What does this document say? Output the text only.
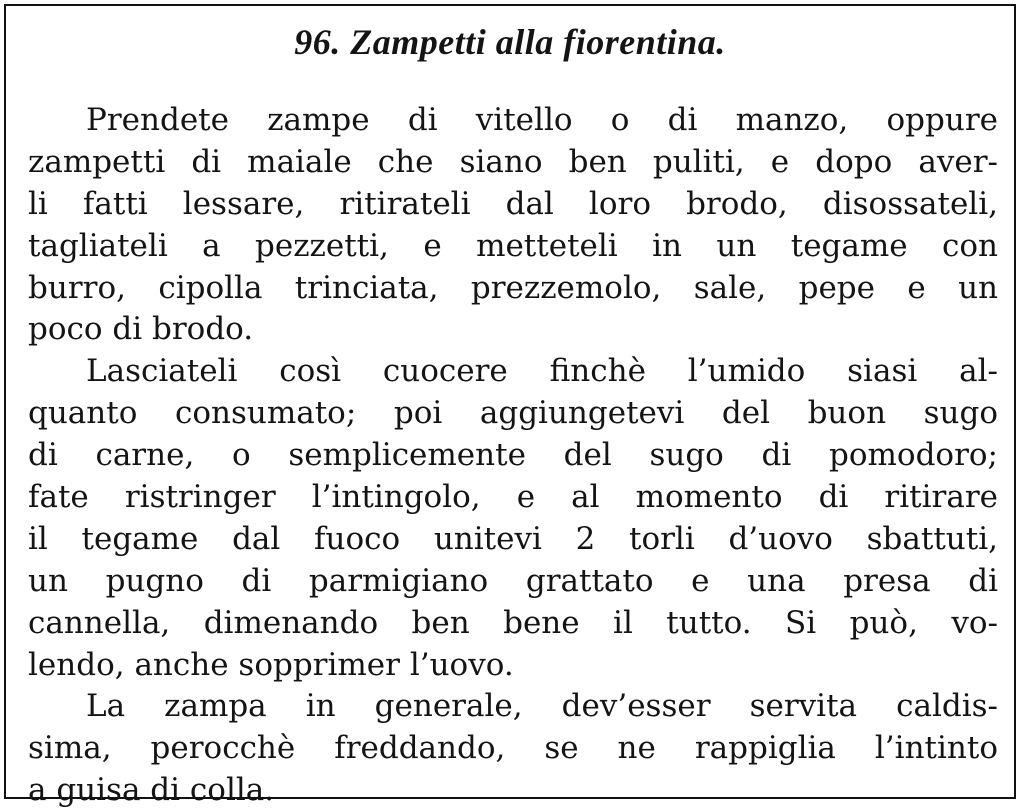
96. Zampetti alla fiorentina.
Prendete zampe di vitello o di manzo, oppure
zampetti di maiale che siano ben puliti, e dopo aver-
li fatti lessare, ritirateli dal loro brodo, disossateli,
tagliateli a pezzetti, e metteteli in un tegame con
burro, cipolla trinciata, prezzemolo, sale, pepe e un
poco di brodo.
Lasciateli così cuocere finchè l’umido siasi al-
quanto consumato; poi aggiungetevi del buon sugo
di carne, o semplicemente del sugo di pomodoro;
fate ristringer l’intingolo, e al momento di ritirare
il tegame dal fuoco unitevi 2 torli d’uovo sbattuti,
un pugno di parmigiano grattato e una presa di
cannella, dimenando ben bene il tutto. Si può, vo-
lendo, anche sopprimer l’uovo.
La zampa in generale, dev’esser servita caldis-
sima, perocchè freddando, se ne rappiglia l’intinto
a guisa di colla.
